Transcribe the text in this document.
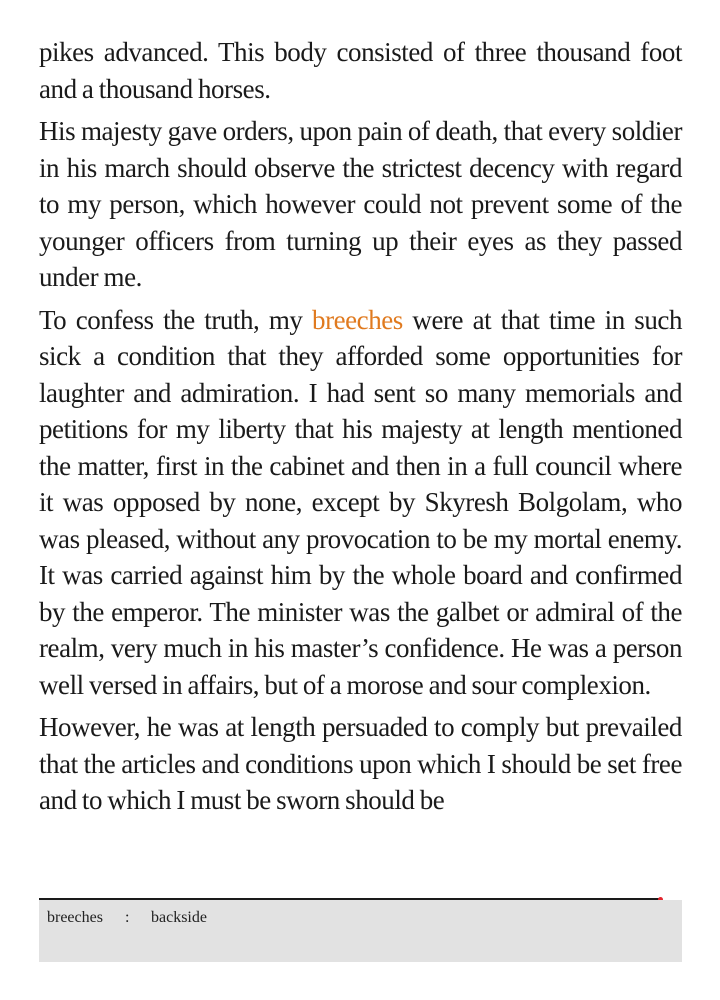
pikes advanced. This body consisted of three thousand foot and a thousand horses.

His majesty gave orders, upon pain of death, that every soldier in his march should observe the strictest decency with regard to my person, which however could not prevent some of the younger officers from turning up their eyes as they passed under me.

To confess the truth, my breeches were at that time in such sick a condition that they afforded some opportunities for laughter and admiration. I had sent so many memorials and petitions for my liberty that his majesty at length mentioned the matter, first in the cabinet and then in a full council where it was opposed by none, except by Skyresh Bolgolam, who was pleased, without any provocation to be my mortal enemy. It was carried against him by the whole board and confirmed by the emperor. The minister was the galbet or admiral of the realm, very much in his master’s confidence. He was a person well versed in affairs, but of a morose and sour complexion.

However, he was at length persuaded to comply but prevailed that the articles and conditions upon which I should be set free and to which I must be sworn should be

breeches : backside
